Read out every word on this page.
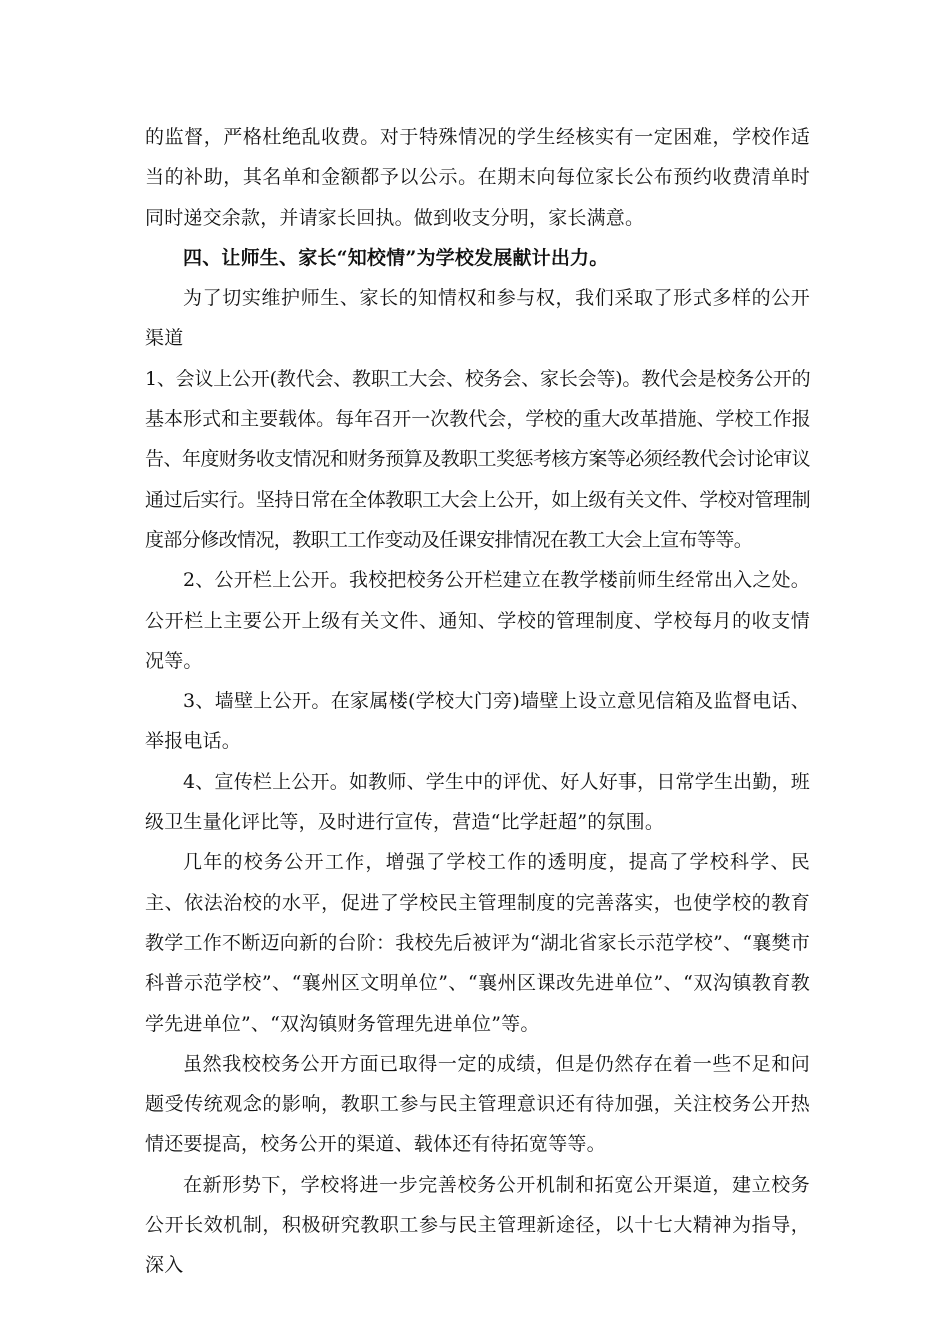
的监督，严格杜绝乱收费。对于特殊情况的学生经核实有一定困难，学校作适当的补助，其名单和金额都予以公示。在期末向每位家长公布预约收费清单时同时递交余款，并请家长回执。做到收支分明，家长满意。

四、让师生、家长“知校情”为学校发展献计出力。

为了切实维护师生、家长的知情权和参与权，我们采取了形式多样的公开渠道

1、会议上公开(教代会、教职工大会、校务会、家长会等)。教代会是校务公开的基本形式和主要载体。每年召开一次教代会，学校的重大改革措施、学校工作报告、年度财务收支情况和财务预算及教职工奖惩考核方案等必须经教代会讨论审议通过后实行。坚持日常在全体教职工大会上公开，如上级有关文件、学校对管理制度部分修改情况，教职工工作变动及任课安排情况在教工大会上宣布等等。

2、公开栏上公开。我校把校务公开栏建立在教学楼前师生经常出入之处。公开栏上主要公开上级有关文件、通知、学校的管理制度、学校每月的收支情况等。

3、墙壁上公开。在家属楼(学校大门旁)墙壁上设立意见信箱及监督电话、举报电话。

4、宣传栏上公开。如教师、学生中的评优、好人好事，日常学生出勤，班级卫生量化评比等，及时进行宣传，营造“比学赶超”的氛围。

几年的校务公开工作，增强了学校工作的透明度，提高了学校科学、民主、依法治校的水平，促进了学校民主管理制度的完善落实，也使学校的教育教学工作不断迈向新的台阶：我校先后被评为“湖北省家长示范学校”、“襄樊市科普示范学校”、“襄州区文明单位”、“襄州区课改先进单位”、“双沟镇教育教学先进单位”、“双沟镇财务管理先进单位”等。

虽然我校校务公开方面已取得一定的成绩，但是仍然存在着一些不足和问题受传统观念的影响，教职工参与民主管理意识还有待加强，关注校务公开热情还要提高，校务公开的渠道、载体还有待拓宽等等。

在新形势下，学校将进一步完善校务公开机制和拓宽公开渠道，建立校务公开长效机制，积极研究教职工参与民主管理新途径，以十七大精神为指导，深入
